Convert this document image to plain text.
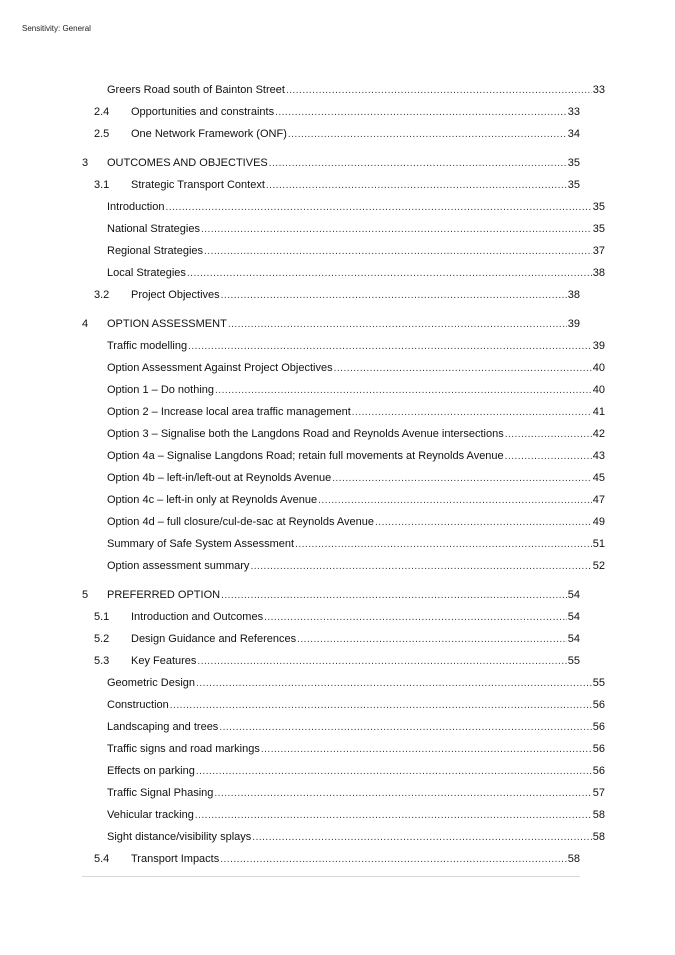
Sensitivity: General
Greers Road south of Bainton Street .....	33
2.4	Opportunities and constraints .....	33
2.5	One Network Framework (ONF) .....	34
3	OUTCOMES AND OBJECTIVES .....	35
3.1	Strategic Transport Context .....	35
Introduction .....	35
National Strategies .....	35
Regional Strategies .....	37
Local Strategies .....	38
3.2	Project Objectives .....	38
4	OPTION ASSESSMENT .....	39
Traffic modelling .....	39
Option Assessment Against Project Objectives .....	40
Option 1 – Do nothing .....	40
Option 2 – Increase local area traffic management .....	41
Option 3 – Signalise both the Langdons Road and Reynolds Avenue intersections .....	42
Option 4a – Signalise Langdons Road; retain full movements at Reynolds Avenue .....	43
Option 4b – left-in/left-out at Reynolds Avenue .....	45
Option 4c – left-in only at Reynolds Avenue .....	47
Option 4d – full closure/cul-de-sac at Reynolds Avenue .....	49
Summary of Safe System Assessment .....	51
Option assessment summary .....	52
5	PREFERRED OPTION .....	54
5.1	Introduction and Outcomes .....	54
5.2	Design Guidance and References .....	54
5.3	Key Features .....	55
Geometric Design .....	55
Construction .....	56
Landscaping and trees .....	56
Traffic signs and road markings .....	56
Effects on parking .....	56
Traffic Signal Phasing .....	57
Vehicular tracking .....	58
Sight distance/visibility splays .....	58
5.4	Transport Impacts .....	58
